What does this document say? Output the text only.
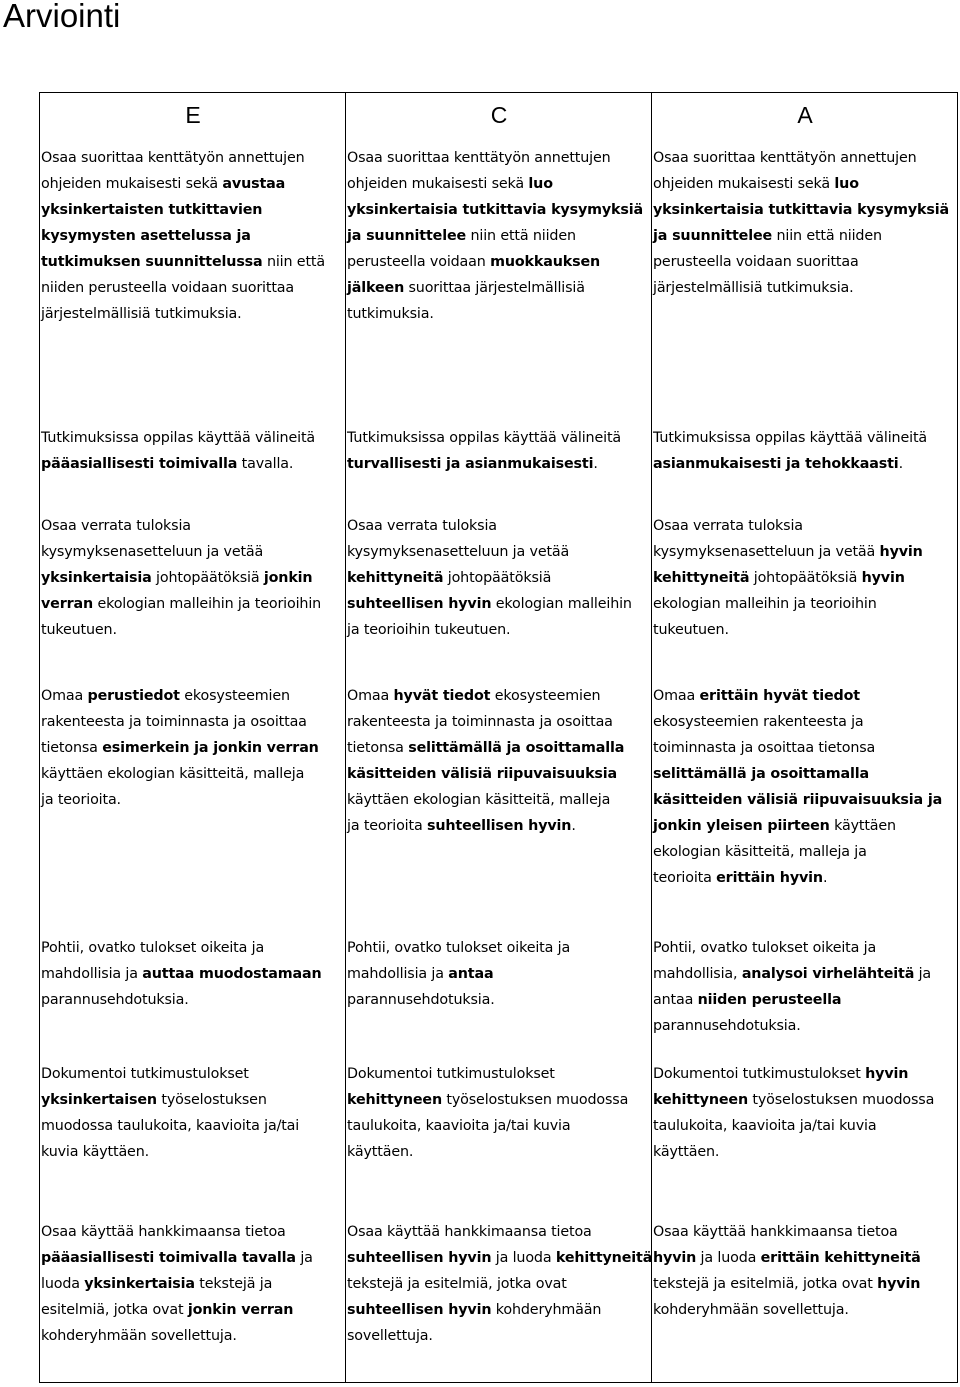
Arviointi
E	C	A
Osaa suorittaa kenttätyön annettujen
ohjeiden mukaisesti sekä avustaa
yksinkertaisten tutkittavien
kysymysten asettelussa ja
tutkimuksen suunnittelussa niin että
niiden perusteella voidaan suorittaa
järjestelmällisiä tutkimuksia.
Osaa suorittaa kenttätyön annettujen
ohjeiden mukaisesti sekä luo
yksinkertaisia tutkittavia kysymyksiä
ja suunnittelee niin että niiden
perusteella voidaan muokkauksen
jälkeen suorittaa järjestelmällisiä
tutkimuksia.
Osaa suorittaa kenttätyön annettujen
ohjeiden mukaisesti sekä luo
yksinkertaisia tutkittavia kysymyksiä
ja suunnittelee niin että niiden
perusteella voidaan suorittaa
järjestelmällisiä tutkimuksia.
Tutkimuksissa oppilas käyttää välineitä
pääasiallisesti toimivalla tavalla.
Tutkimuksissa oppilas käyttää välineitä
turvallisesti ja asianmukaisesti.
Tutkimuksissa oppilas käyttää välineitä
asianmukaisesti ja tehokkaasti.
Osaa verrata tuloksia
kysymyksenasetteluun ja vetää
yksinkertaisia johtopäätöksiä jonkin
verran ekologian malleihin ja teorioihin
tukeutuen.
Osaa verrata tuloksia
kysymyksenasetteluun ja vetää
kehittyneitä johtopäätöksiä
suhteellisen hyvin ekologian malleihin
ja teorioihin tukeutuen.
Osaa verrata tuloksia
kysymyksenasetteluun ja vetää hyvin
kehittyneitä johtopäätöksiä hyvin
ekologian malleihin ja teorioihin
tukeutuen.
Omaa perustiedot ekosysteemien
rakenteesta ja toiminnasta ja osoittaa
tietonsa esimerkein ja jonkin verran
käyttäen ekologian käsitteitä, malleja
ja teorioita.
Omaa hyvät tiedot ekosysteemien
rakenteesta ja toiminnasta ja osoittaa
tietonsa selittämällä ja osoittamalla
käsitteiden välisiä riipuvaisuuksia
käyttäen ekologian käsitteitä, malleja
ja teorioita suhteellisen hyvin.
Omaa erittäin hyvät tiedot
ekosysteemien rakenteesta ja
toiminnasta ja osoittaa tietonsa
selittämällä ja osoittamalla
käsitteiden välisiä riipuvaisuuksia ja
jonkin yleisen piirteen käyttäen
ekologian käsitteitä, malleja ja
teorioita erittäin hyvin.
Pohtii, ovatko tulokset oikeita ja
mahdollisia ja auttaa muodostamaan
parannusehdotuksia.
Pohtii, ovatko tulokset oikeita ja
mahdollisia ja antaa
parannusehdotuksia.
Pohtii, ovatko tulokset oikeita ja
mahdollisia, analysoi virhelähteitä ja
antaa niiden perusteella
parannusehdotuksia.
Dokumentoi tutkimustulokset
yksinkertaisen työselostuksen
muodossa taulukoita, kaavioita ja/tai
kuvia käyttäen.
Dokumentoi tutkimustulokset
kehittyneen työselostuksen muodossa
taulukoita, kaavioita ja/tai kuvia
käyttäen.
Dokumentoi tutkimustulokset hyvin
kehittyneen työselostuksen muodossa
taulukoita, kaavioita ja/tai kuvia
käyttäen.
Osaa käyttää hankkimaansa tietoa
pääasiallisesti toimivalla tavalla ja
luoda yksinkertaisia tekstejä ja
esitelmiä, jotka ovat jonkin verran
kohderyhmään sovellettuja.
Osaa käyttää hankkimaansa tietoa
suhteellisen hyvin ja luoda kehittyneitä
tekstejä ja esitelmiä, jotka ovat
suhteellisen hyvin kohderyhmään
sovellettuja.
Osaa käyttää hankkimaansa tietoa
hyvin ja luoda erittäin kehittyneitä
tekstejä ja esitelmiä, jotka ovat hyvin
kohderyhmään sovellettuja.
